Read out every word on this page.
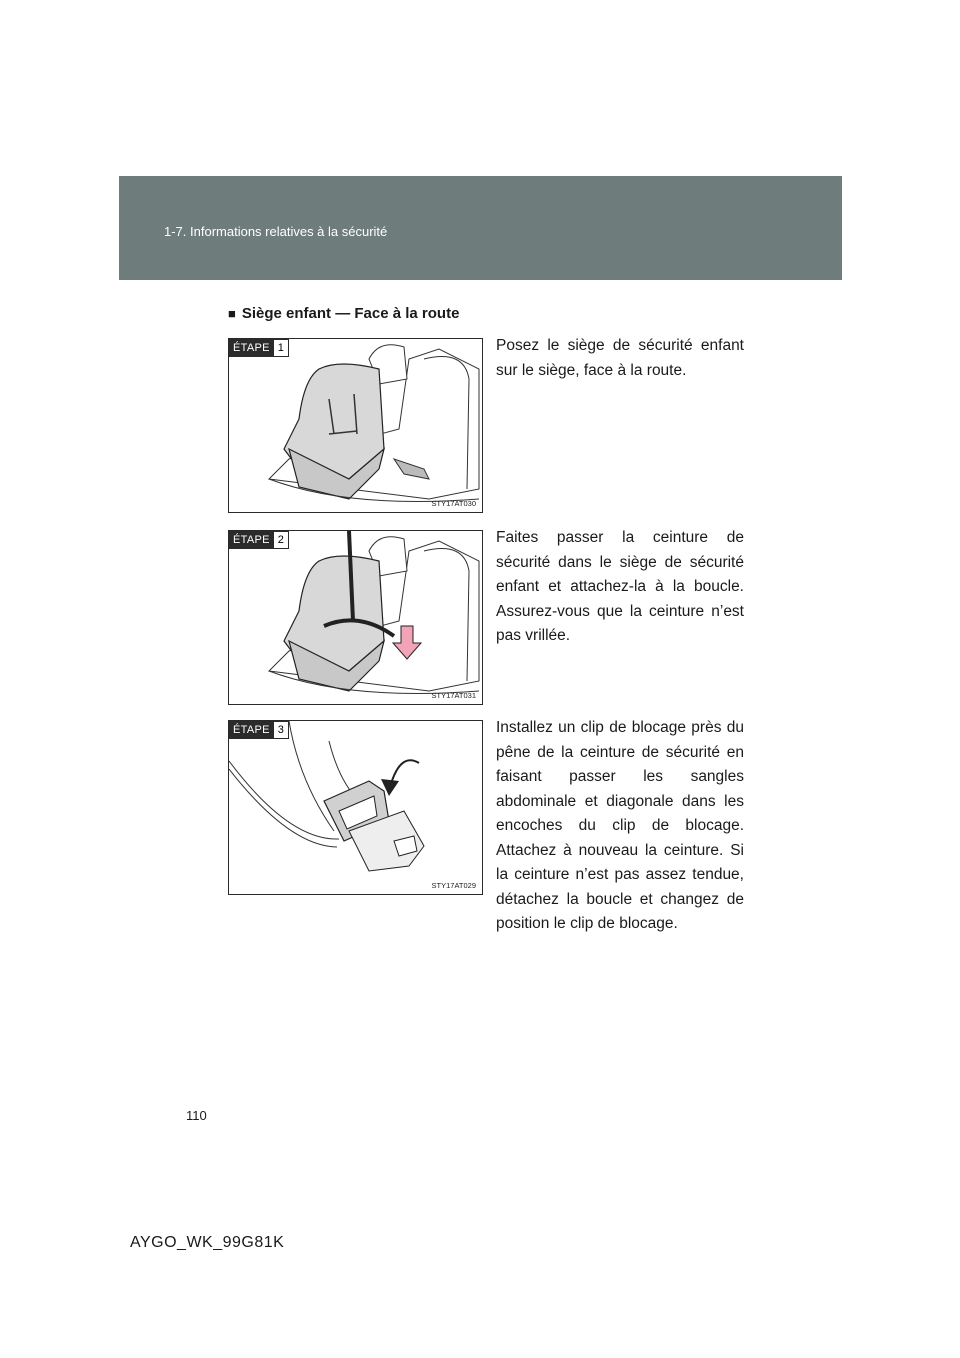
1-7. Informations relatives à la sécurité
■ Siège enfant — Face à la route
ÉTAPE 1
STY17AT030
Posez le siège de sécurité enfant sur le siège, face à la route.
ÉTAPE 2
STY17AT031
Faites passer la ceinture de sécurité dans le siège de sécurité enfant et attachez-la à la boucle. Assurez-vous que la ceinture n’est pas vrillée.
ÉTAPE 3
STY17AT029
Installez un clip de blocage près du pêne de la ceinture de sécurité en faisant passer les sangles abdominale et diagonale dans les encoches du clip de blocage. Attachez à nouveau la ceinture. Si la ceinture n’est pas assez tendue, détachez la boucle et changez de position le clip de blocage.
110
AYGO_WK_99G81K
